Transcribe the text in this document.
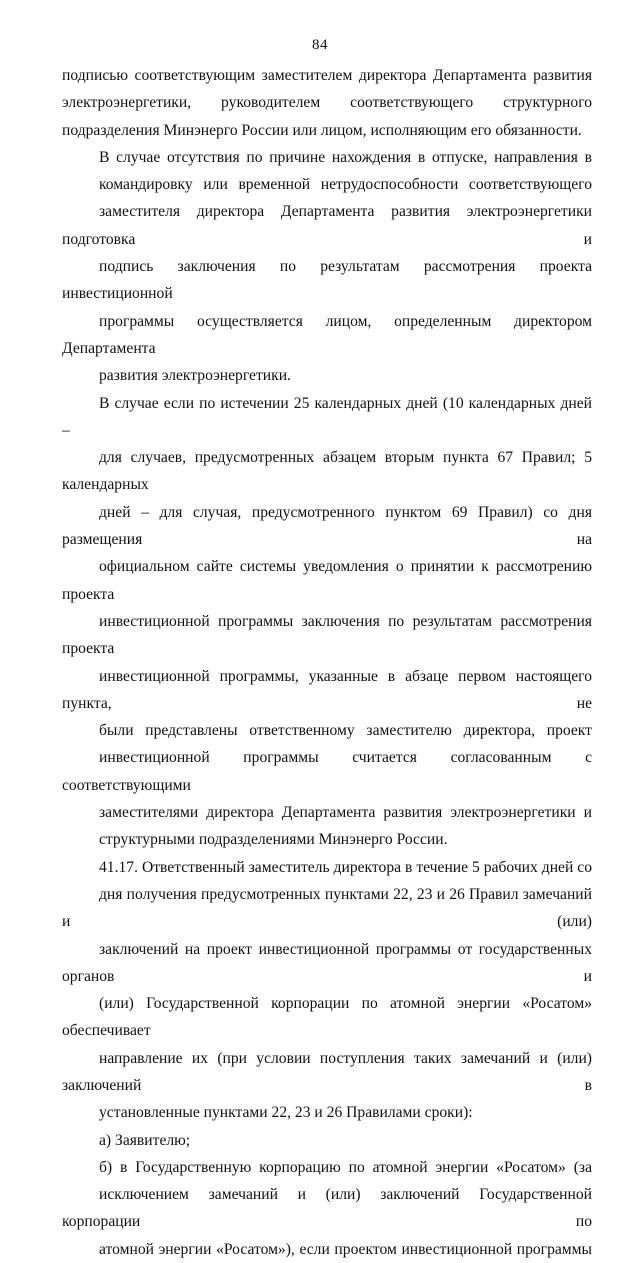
84

подписью соответствующим заместителем директора Департамента развития
электроэнергетики, руководителем соответствующего структурного
подразделения Минэнерго России или лицом, исполняющим его обязанности.

В случае отсутствия по причине нахождения в отпуске, направления в
командировку или временной нетрудоспособности соответствующего
заместителя директора Департамента развития электроэнергетики подготовка и
подпись заключения по результатам рассмотрения проекта инвестиционной
программы осуществляется лицом, определенным директором Департамента
развития электроэнергетики.

В случае если по истечении 25 календарных дней (10 календарных дней –
для случаев, предусмотренных абзацем вторым пункта 67 Правил; 5 календарных
дней – для случая, предусмотренного пунктом 69 Правил) со дня размещения на
официальном сайте системы уведомления о принятии к рассмотрению проекта
инвестиционной программы заключения по результатам рассмотрения проекта
инвестиционной программы, указанные в абзаце первом настоящего пункта, не
были представлены ответственному заместителю директора, проект
инвестиционной программы считается согласованным с соответствующими
заместителями директора Департамента развития электроэнергетики и
структурными подразделениями Минэнерго России.

41.17. Ответственный заместитель директора в течение 5 рабочих дней со
дня получения предусмотренных пунктами 22, 23 и 26 Правил замечаний и (или)
заключений на проект инвестиционной программы от государственных органов и
(или) Государственной корпорации по атомной энергии «Росатом» обеспечивает
направление их (при условии поступления таких замечаний и (или) заключений в
установленные пунктами 22, 23 и 26 Правилами сроки):

а) Заявителю;

б) в Государственную корпорацию по атомной энергии «Росатом» (за
исключением замечаний и (или) заключений Государственной корпорации по
атомной энергии «Росатом»), если проектом инвестиционной программы
